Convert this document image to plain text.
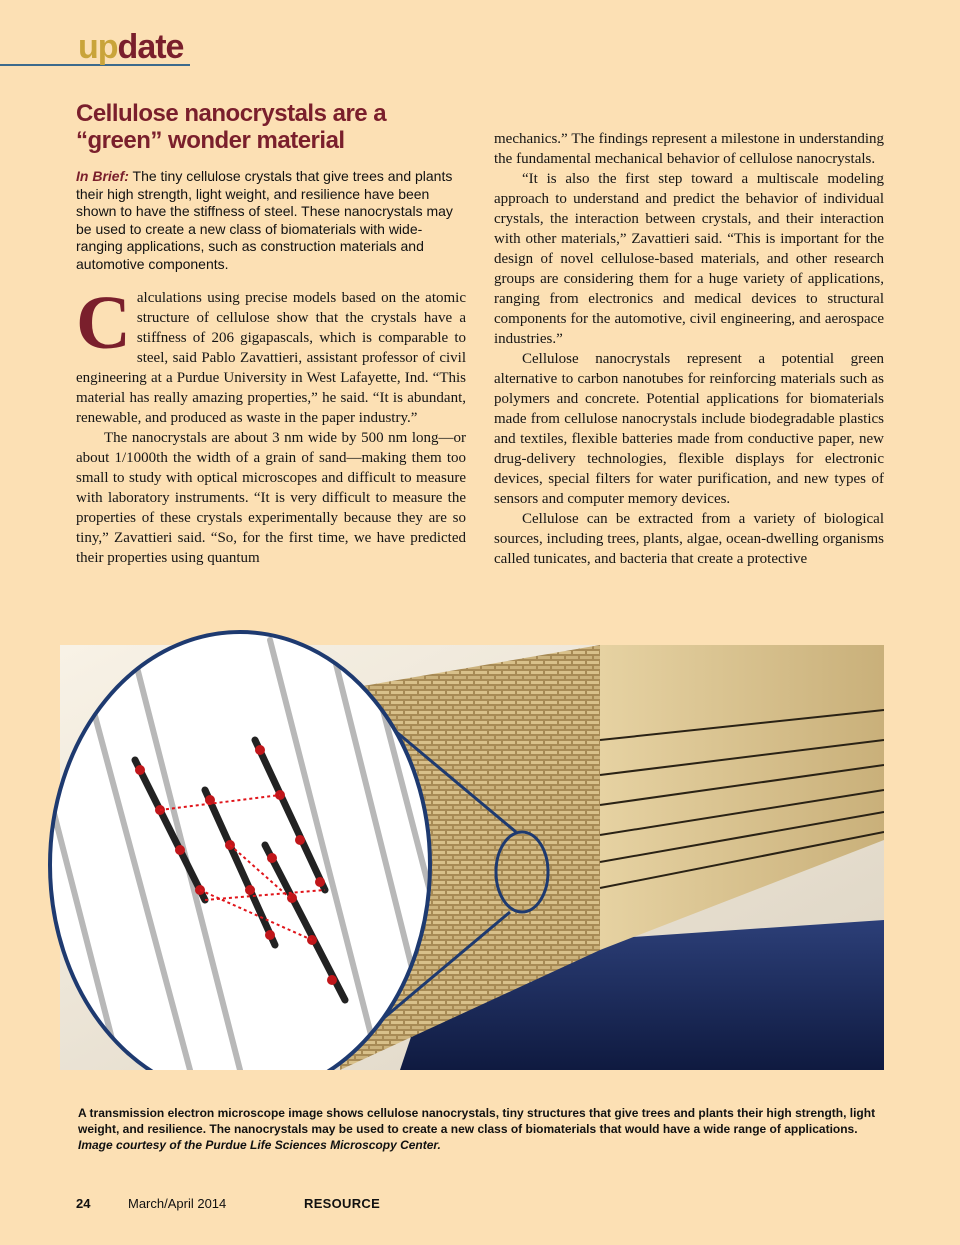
update
Cellulose nanocrystals are a “green” wonder material
In Brief: The tiny cellulose crystals that give trees and plants their high strength, light weight, and resilience have been shown to have the stiffness of steel. These nanocrystals may be used to create a new class of biomaterials with wide-ranging applications, such as construction materials and automotive components.

Calculations using precise models based on the atomic structure of cellulose show that the crystals have a stiffness of 206 gigapascals, which is comparable to steel, said Pablo Zavattieri, assistant professor of civil engineering at a Purdue University in West Lafayette, Ind. “This material has really amazing properties,” he said. “It is abundant, renewable, and produced as waste in the paper industry.”

The nanocrystals are about 3 nm wide by 500 nm long—or about 1/1000th the width of a grain of sand—making them too small to study with optical microscopes and difficult to measure with laboratory instruments. “It is very difficult to measure the properties of these crystals experimentally because they are so tiny,” Zavattieri said. “So, for the first time, we have predicted their properties using quantum

mechanics.” The findings represent a milestone in understanding the fundamental mechanical behavior of cellulose nanocrystals.

“It is also the first step toward a multiscale modeling approach to understand and predict the behavior of individual crystals, the interaction between crystals, and their interaction with other materials,” Zavattieri said. “This is important for the design of novel cellulose-based materials, and other research groups are considering them for a huge variety of applications, ranging from electronics and medical devices to structural components for the automotive, civil engineering, and aerospace industries.”

Cellulose nanocrystals represent a potential green alternative to carbon nanotubes for reinforcing materials such as polymers and concrete. Potential applications for biomaterials made from cellulose nanocrystals include biodegradable plastics and textiles, flexible batteries made from conductive paper, new drug-delivery technologies, flexible displays for electronic devices, special filters for water purification, and new types of sensors and computer memory devices.

Cellulose can be extracted from a variety of biological sources, including trees, plants, algae, ocean-dwelling organisms called tunicates, and bacteria that create a protective

A transmission electron microscope image shows cellulose nanocrystals, tiny structures that give trees and plants their high strength, light weight, and resilience. The nanocrystals may be used to create a new class of biomaterials that would have a wide range of applications.
Image courtesy of the Purdue Life Sciences Microscopy Center.
24	March/April 2014	RESOURCE
